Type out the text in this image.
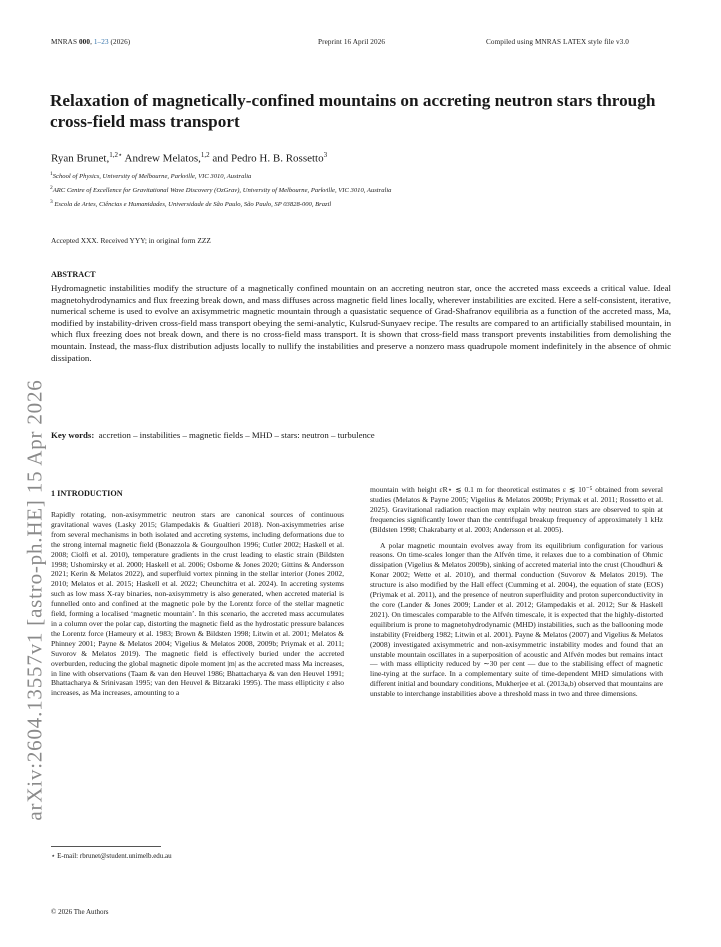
MNRAS 000, 1–23 (2026)	Preprint 16 April 2026	Compiled using MNRAS LATEX style file v3.0
arXiv:2604.13557v1 [astro-ph.HE] 15 Apr 2026
Relaxation of magnetically-confined mountains on accreting neutron stars through cross-field mass transport
Ryan Brunet,$^{1,2⋆}$ Andrew Melatos,$^{1,2}$ and Pedro H. B. Rossetto$^3$
$^1$School of Physics, University of Melbourne, Parkville, VIC 3010, Australia
$^2$ARC Centre of Excellence for Gravitational Wave Discovery (OzGrav), University of Melbourne, Parkville, VIC 3010, Australia
$^3$ Escola de Artes, Ciências e Humanidades, Universidade de São Paulo, São Paulo, SP 03828-000, Brazil
Accepted XXX. Received YYY; in original form ZZZ
ABSTRACT
Hydromagnetic instabilities modify the structure of a magnetically confined mountain on an accreting neutron star, once the accreted mass exceeds a critical value. Ideal magnetohydrodynamics and flux freezing break down, and mass diffuses across magnetic field lines locally, wherever instabilities are excited. Here a self-consistent, iterative, numerical scheme is used to evolve an axisymmetric magnetic mountain through a quasistatic sequence of Grad-Shafranov equilibria as a function of the accreted mass, Ma, modified by instability-driven cross-field mass transport obeying the semi-analytic, Kulsrud-Sunyaev recipe. The results are compared to an artificially stabilised mountain, in which flux freezing does not break down, and there is no cross-field mass transport. It is shown that cross-field mass transport prevents instabilities from demolishing the mountain. Instead, the mass-flux distribution adjusts locally to nullify the instabilities and preserve a nonzero mass quadrupole moment indefinitely in the absence of ohmic dissipation.
Key words: accretion – instabilities – magnetic fields – MHD – stars: neutron – turbulence
1 INTRODUCTION

Rapidly rotating, non-axisymmetric neutron stars are canonical sources of continuous gravitational waves (Lasky 2015; Glampedakis & Gualtieri 2018). Non-axisymmetries arise from several mechanisms in both isolated and accreting systems, including deformations due to the strong internal magnetic field (Bonazzola & Gourgoulhon 1996; Cutler 2002; Haskell et al. 2008; Ciolfi et al. 2010), temperature gradients in the crust leading to elastic strain (Bildsten 1998; Ushomirsky et al. 2000; Haskell et al. 2006; Osborne & Jones 2020; Gittins & Andersson 2021; Kerin & Melatos 2022), and superfluid vortex pinning in the stellar interior (Jones 2002, 2010; Melatos et al. 2015; Haskell et al. 2022; Cheunchitra et al. 2024). In accreting systems such as low mass X-ray binaries, non-axisymmetry is also generated, when accreted material is funnelled onto and confined at the magnetic pole by the Lorentz force of the stellar magnetic field, forming a localised ‘magnetic mountain’. In this scenario, the accreted mass accumulates in a column over the polar cap, distorting the magnetic field as the hydrostatic pressure balances the Lorentz force (Hameury et al. 1983; Brown & Bildsten 1998; Litwin et al. 2001; Melatos & Phinney 2001; Payne & Melatos 2004; Vigelius & Melatos 2008, 2009b; Priymak et al. 2011; Suvorov & Melatos 2019). The magnetic field is effectively buried under the accreted overburden, reducing the global magnetic dipole moment |m| as the accreted mass Ma increases, in line with observations (Taam & van den Heuvel 1986; Bhattacharya & van den Heuvel 1991; Bhattacharya & Srinivasan 1995; van den Heuvel & Bitzaraki 1995). The mass ellipticity ε also increases, as Ma increases, amounting to a

mountain with height εR⋆ ≲ 0.1 m for theoretical estimates ε ≲ 10⁻⁵ obtained from several studies (Melatos & Payne 2005; Vigelius & Melatos 2009b; Priymak et al. 2011; Rossetto et al. 2025). Gravitational radiation reaction may explain why neutron stars are observed to spin at frequencies significantly lower than the centrifugal breakup frequency of approximately 1 kHz (Bildsten 1998; Chakrabarty et al. 2003; Andersson et al. 2005).

A polar magnetic mountain evolves away from its equilibrium configuration for various reasons. On time-scales longer than the Alfvén time, it relaxes due to a combination of Ohmic dissipation (Vigelius & Melatos 2009b), sinking of accreted material into the crust (Choudhuri & Konar 2002; Wette et al. 2010), and thermal conduction (Suvorov & Melatos 2019). The structure is also modified by the Hall effect (Cumming et al. 2004), the equation of state (EOS) (Priymak et al. 2011), and the presence of neutron superfluidity and proton superconductivity in the core (Lander & Jones 2009; Lander et al. 2012; Glampedakis et al. 2012; Sur & Haskell 2021). On timescales comparable to the Alfvén timescale, it is expected that the highly-distorted equilibrium is prone to magnetohydrodynamic (MHD) instabilities, such as the ballooning mode instability (Freidberg 1982; Litwin et al. 2001). Payne & Melatos (2007) and Vigelius & Melatos (2008) investigated axisymmetric and non-axisymmetric instability modes and found that an unstable mountain oscillates in a superposition of acoustic and Alfvén modes but remains intact — with mass ellipticity reduced by ∼30 per cent — due to the stabilising effect of magnetic line-tying at the surface. In a complementary suite of time-dependent MHD simulations with different initial and boundary conditions, Mukherjee et al. (2013a,b) observed that mountains are unstable to interchange instabilities above a threshold mass in two and three dimensions.

⋆ E-mail: rbrunet@student.unimelb.edu.au
© 2026 The Authors
